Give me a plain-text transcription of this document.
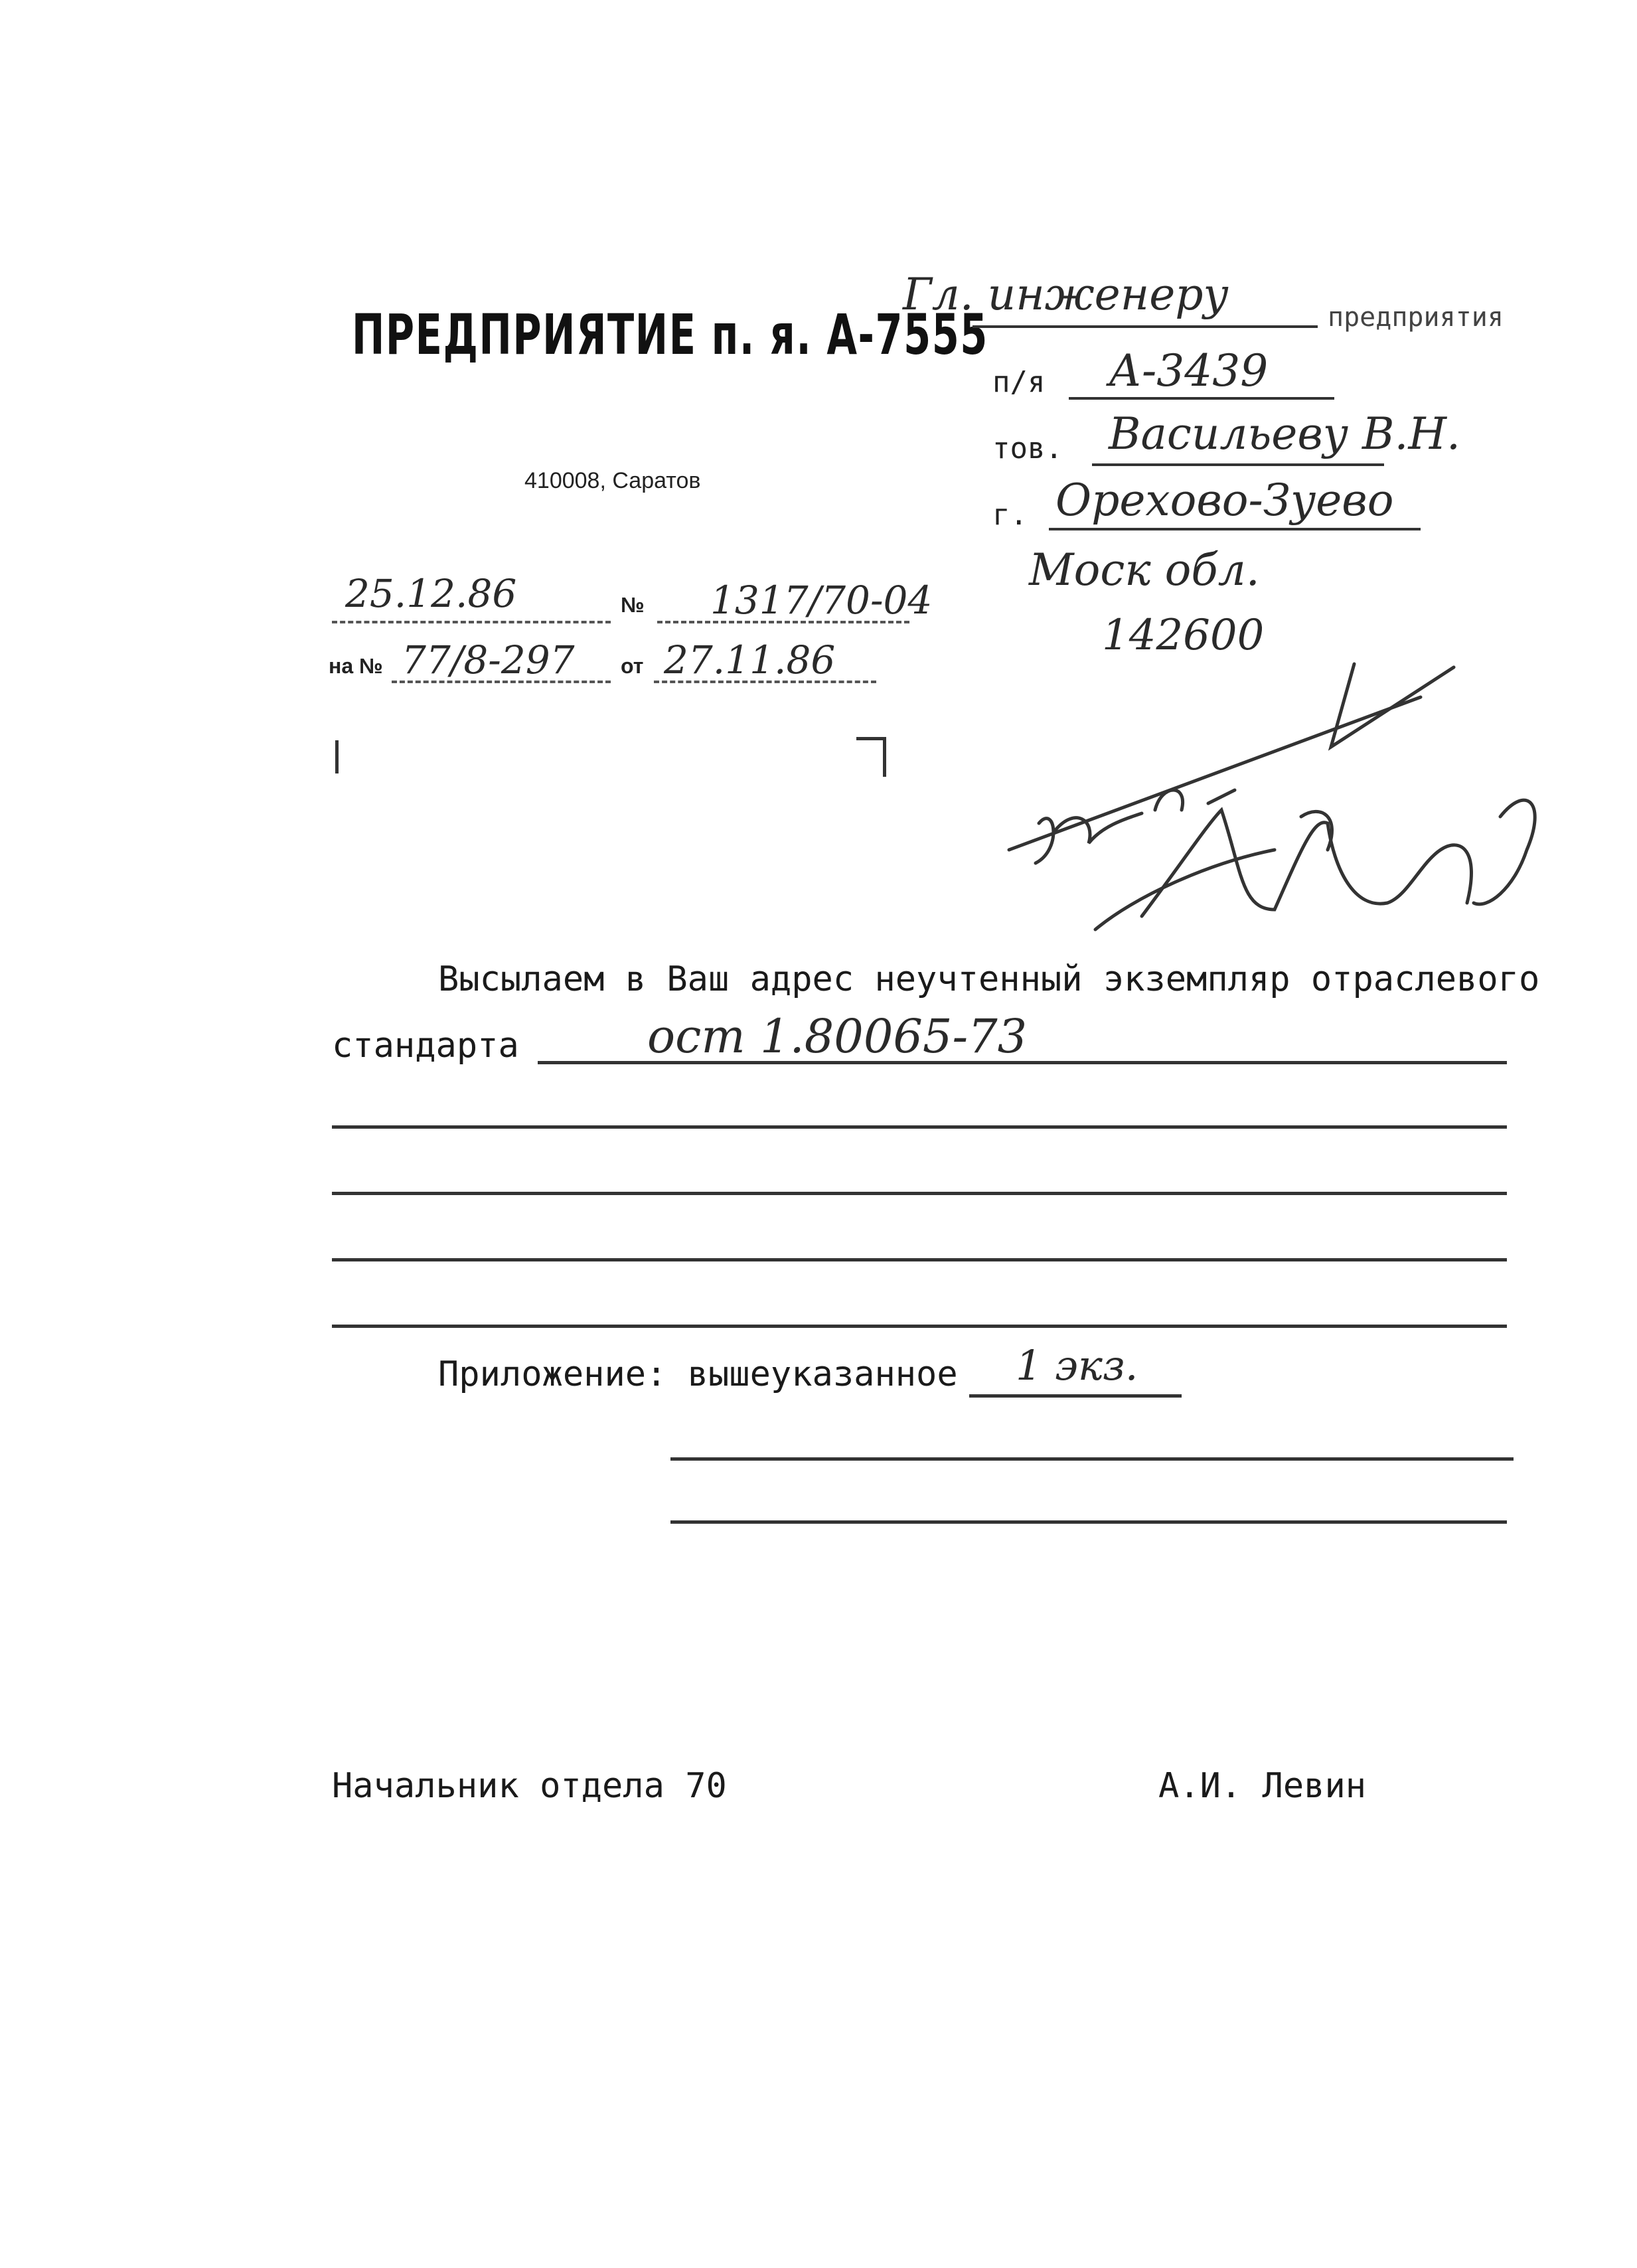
ПРЕДПРИЯТИЕ п. я. А-7555
410008, Саратов
25.12.86	№ 1317/70-04
на № 77/8-297 от 27.11.86
Гл. инженеру	предприятия
п/я А-3439
тов. Васильеву В.Н.
г. Орехово-Зуево
Моск обл.
142600
Высылаем в Ваш адрес неучтенный экземпляр отраслевого
стандарта	ост 1.80065-73
Приложение: вышеуказанное 1 экз.
Начальник отдела 70	А.И. Левин
